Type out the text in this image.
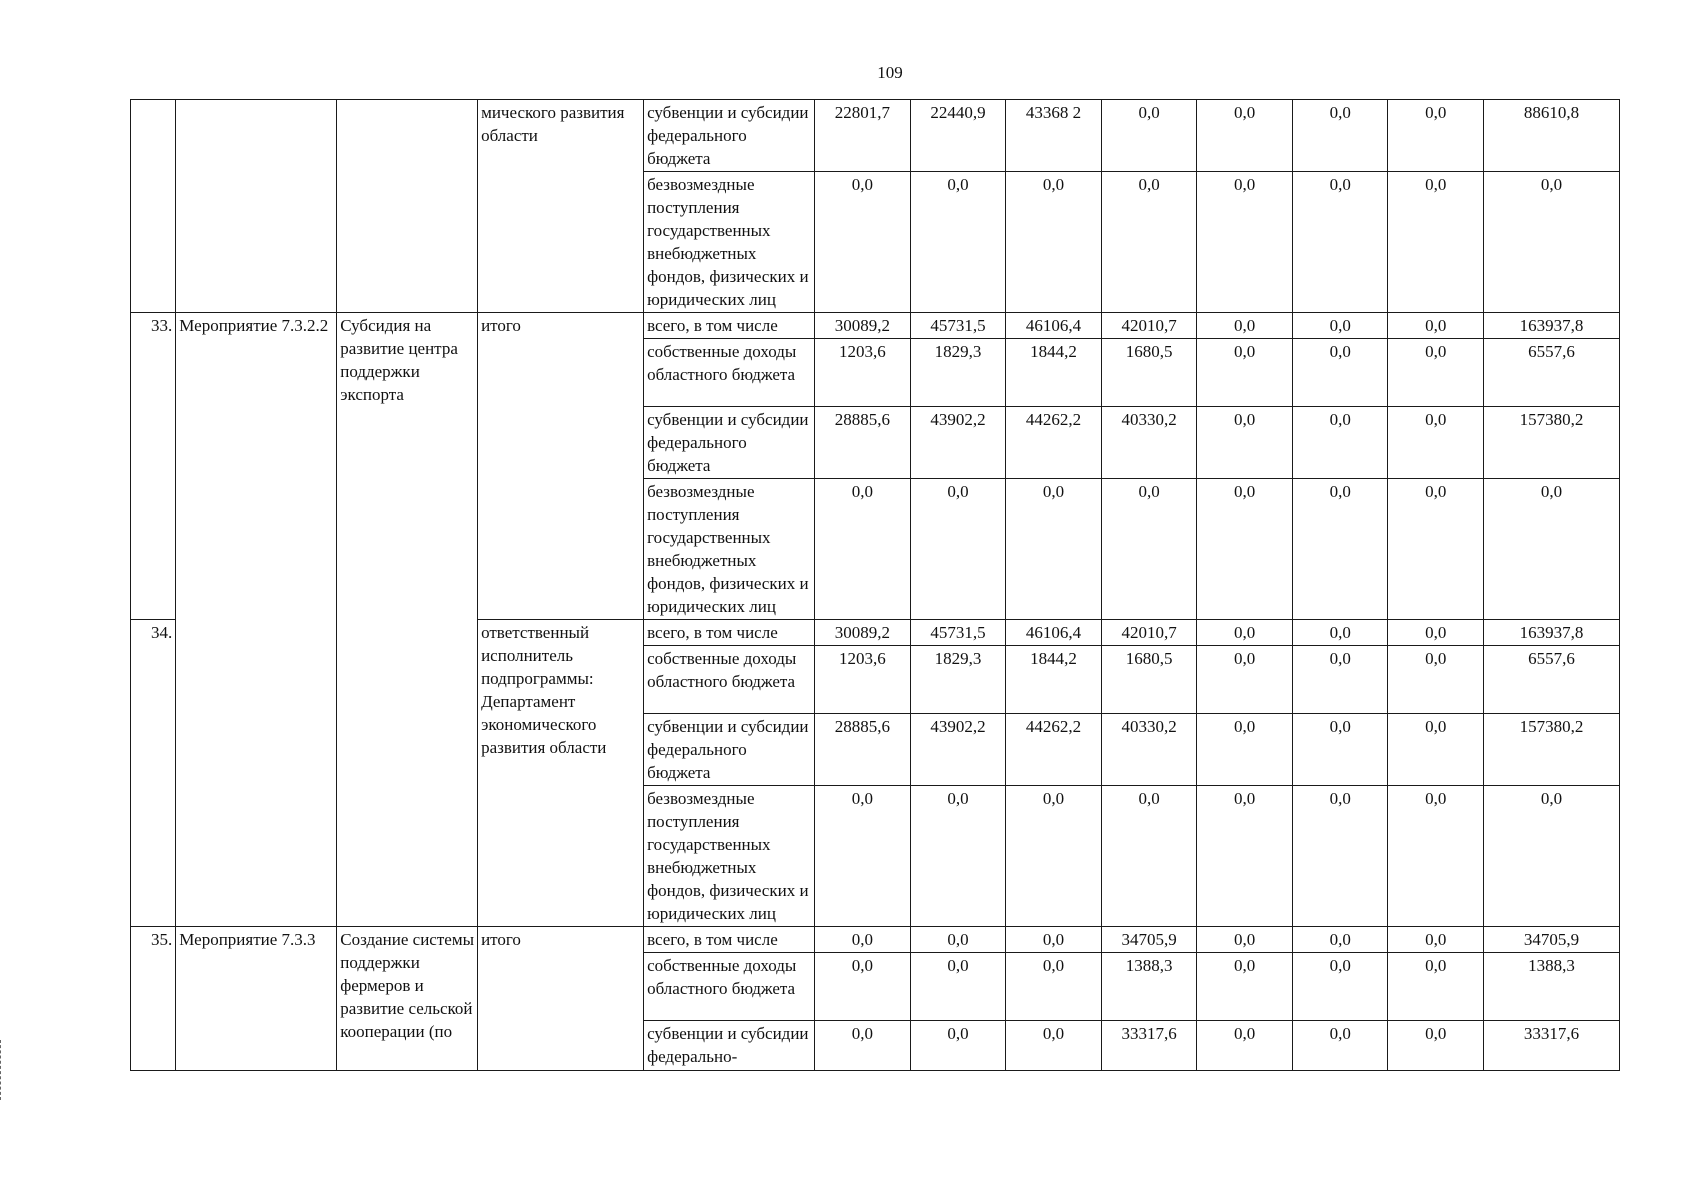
109
			мического развития области	субвенции и субсидии федерального бюджета	22801,7	22440,9	43368 2	0,0	0,0	0,0	0,0	88610,8
				безвозмездные поступления государственных внебюджетных фондов, физических и юридических лиц	0,0	0,0	0,0	0,0	0,0	0,0	0,0	0,0
33.	Мероприятие 7.3.2.2	Субсидия на развитие центра поддержки экспорта	итого	всего, в том числе	30089,2	45731,5	46106,4	42010,7	0,0	0,0	0,0	163937,8
				собственные доходы областного бюджета	1203,6	1829,3	1844,2	1680,5	0,0	0,0	0,0	6557,6
				субвенции и субсидии федерального бюджета	28885,6	43902,2	44262,2	40330,2	0,0	0,0	0,0	157380,2
				безвозмездные поступления государственных внебюджетных фондов, физических и юридических лиц	0,0	0,0	0,0	0,0	0,0	0,0	0,0	0,0
34.			ответственный исполнитель подпрограммы: Департамент экономического развития области	всего, в том числе	30089,2	45731,5	46106,4	42010,7	0,0	0,0	0,0	163937,8
				собственные доходы областного бюджета	1203,6	1829,3	1844,2	1680,5	0,0	0,0	0,0	6557,6
				субвенции и субсидии федерального бюджета	28885,6	43902,2	44262,2	40330,2	0,0	0,0	0,0	157380,2
				безвозмездные поступления государственных внебюджетных фондов, физических и юридических лиц	0,0	0,0	0,0	0,0	0,0	0,0	0,0	0,0
35.	Мероприятие 7.3.3	Создание системы поддержки фермеров и развитие сельской кооперации (по	итого	всего, в том числе	0,0	0,0	0,0	34705,9	0,0	0,0	0,0	34705,9
				собственные доходы областного бюджета	0,0	0,0	0,0	1388,3	0,0	0,0	0,0	1388,3
				субвенции и субсидии федерально-	0,0	0,0	0,0	33317,6	0,0	0,0	0,0	33317,6
